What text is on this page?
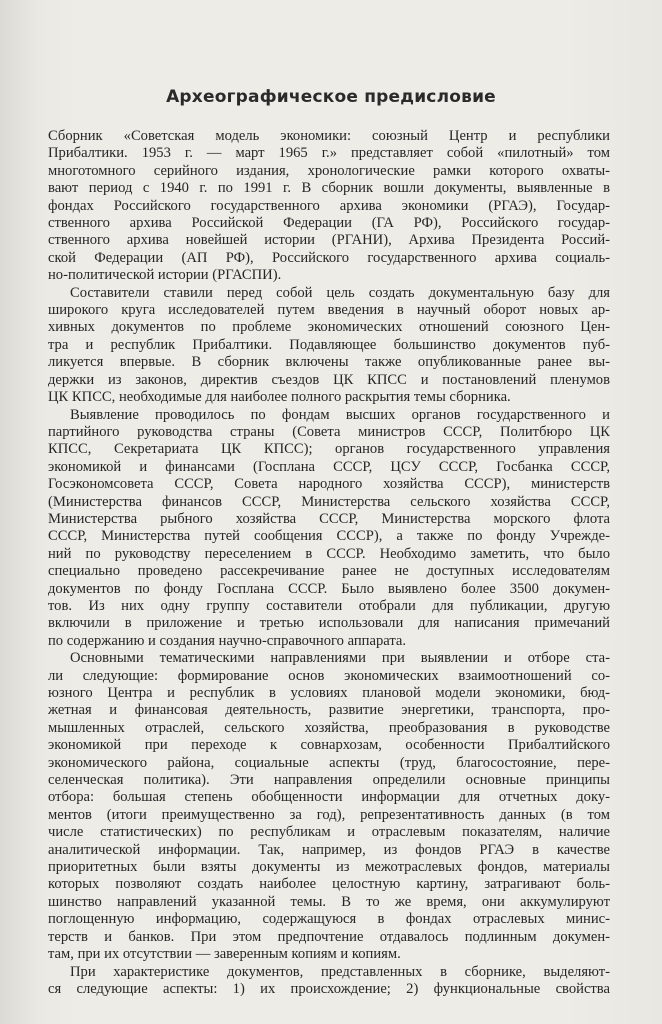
Археографическое предисловие
Сборник «Советская модель экономики: союзный Центр и республики
Прибалтики. 1953 г. — март 1965 г.» представляет собой «пилотный» том
многотомного серийного издания, хронологические рамки которого охваты-
вают период с 1940 г. по 1991 г. В сборник вошли документы, выявленные в
фондах Российского государственного архива экономики (РГАЭ), Государ-
ственного архива Российской Федерации (ГА РФ), Российского государ-
ственного архива новейшей истории (РГАНИ), Архива Президента Россий-
ской Федерации (АП РФ), Российского государственного архива социаль-
но-политической истории (РГАСПИ).
Составители ставили перед собой цель создать документальную базу для
широкого круга исследователей путем введения в научный оборот новых ар-
хивных документов по проблеме экономических отношений союзного Цен-
тра и республик Прибалтики. Подавляющее большинство документов пуб-
ликуется впервые. В сборник включены также опубликованные ранее вы-
держки из законов, директив съездов ЦК КПСС и постановлений пленумов
ЦК КПСС, необходимые для наиболее полного раскрытия темы сборника.
Выявление проводилось по фондам высших органов государственного и
партийного руководства страны (Совета министров СССР, Политбюро ЦК
КПСС, Секретариата ЦК КПСС); органов государственного управления
экономикой и финансами (Госплана СССР, ЦСУ СССР, Госбанка СССР,
Госэкономсовета СССР, Совета народного хозяйства СССР), министерств
(Министерства финансов СССР, Министерства сельского хозяйства СССР,
Министерства рыбного хозяйства СССР, Министерства морского флота
СССР, Министерства путей сообщения СССР), а также по фонду Учрежде-
ний по руководству переселением в СССР. Необходимо заметить, что было
специально проведено рассекречивание ранее не доступных исследователям
документов по фонду Госплана СССР. Было выявлено более 3500 докумен-
тов. Из них одну группу составители отобрали для публикации, другую
включили в приложение и третью использовали для написания примечаний
по содержанию и создания научно-справочного аппарата.
Основными тематическими направлениями при выявлении и отборе ста-
ли следующие: формирование основ экономических взаимоотношений со-
юзного Центра и республик в условиях плановой модели экономики, бюд-
жетная и финансовая деятельность, развитие энергетики, транспорта, про-
мышленных отраслей, сельского хозяйства, преобразования в руководстве
экономикой при переходе к совнархозам, особенности Прибалтийского
экономического района, социальные аспекты (труд, благосостояние, пере-
селенческая политика). Эти направления определили основные принципы
отбора: большая степень обобщенности информации для отчетных доку-
ментов (итоги преимущественно за год), репрезентативность данных (в том
числе статистических) по республикам и отраслевым показателям, наличие
аналитической информации. Так, например, из фондов РГАЭ в качестве
приоритетных были взяты документы из межотраслевых фондов, материалы
которых позволяют создать наиболее целостную картину, затрагивают боль-
шинство направлений указанной темы. В то же время, они аккумулируют
поглощенную информацию, содержащуюся в фондах отраслевых минис-
терств и банков. При этом предпочтение отдавалось подлинным докумен-
там, при их отсутствии — заверенным копиям и копиям.
При характеристике документов, представленных в сборнике, выделяют-
ся следующие аспекты: 1) их происхождение; 2) функциональные свойства
